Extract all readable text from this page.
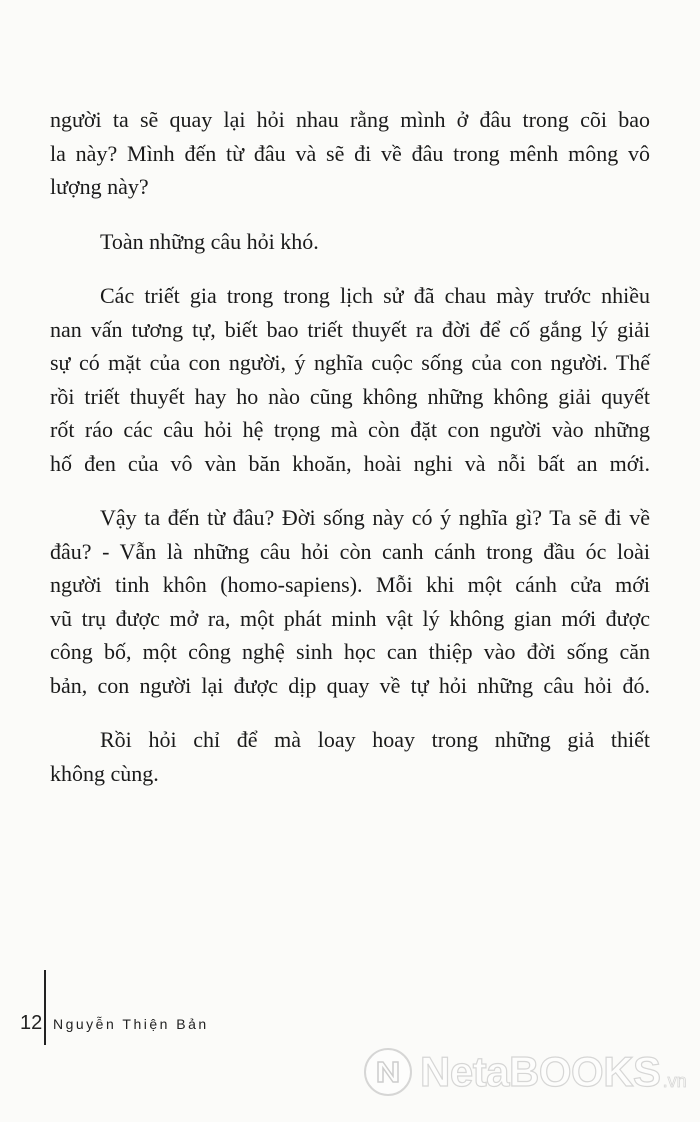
người ta sẽ quay lại hỏi nhau rằng mình ở đâu trong cõi bao
la này? Mình đến từ đâu và sẽ đi về đâu trong mênh mông vô
lượng này?

Toàn những câu hỏi khó.

Các triết gia trong trong lịch sử đã chau mày trước nhiều
nan vấn tương tự, biết bao triết thuyết ra đời để cố gắng lý giải
sự có mặt của con người, ý nghĩa cuộc sống của con người. Thế
rồi triết thuyết hay ho nào cũng không những không giải quyết
rốt ráo các câu hỏi hệ trọng mà còn đặt con người vào những
hố đen của vô vàn băn khoăn, hoài nghi và nỗi bất an mới.

Vậy ta đến từ đâu? Đời sống này có ý nghĩa gì? Ta sẽ đi về
đâu? - Vẫn là những câu hỏi còn canh cánh trong đầu óc loài
người tinh khôn (homo-sapiens). Mỗi khi một cánh cửa mới
vũ trụ được mở ra, một phát minh vật lý không gian mới được
công bố, một công nghệ sinh học can thiệp vào đời sống căn
bản, con người lại được dịp quay về tự hỏi những câu hỏi đó.

Rồi hỏi chỉ để mà loay hoay trong những giả thiết
không cùng.

12 Nguyễn Thiện Bản
NetaBOOKS .vn
